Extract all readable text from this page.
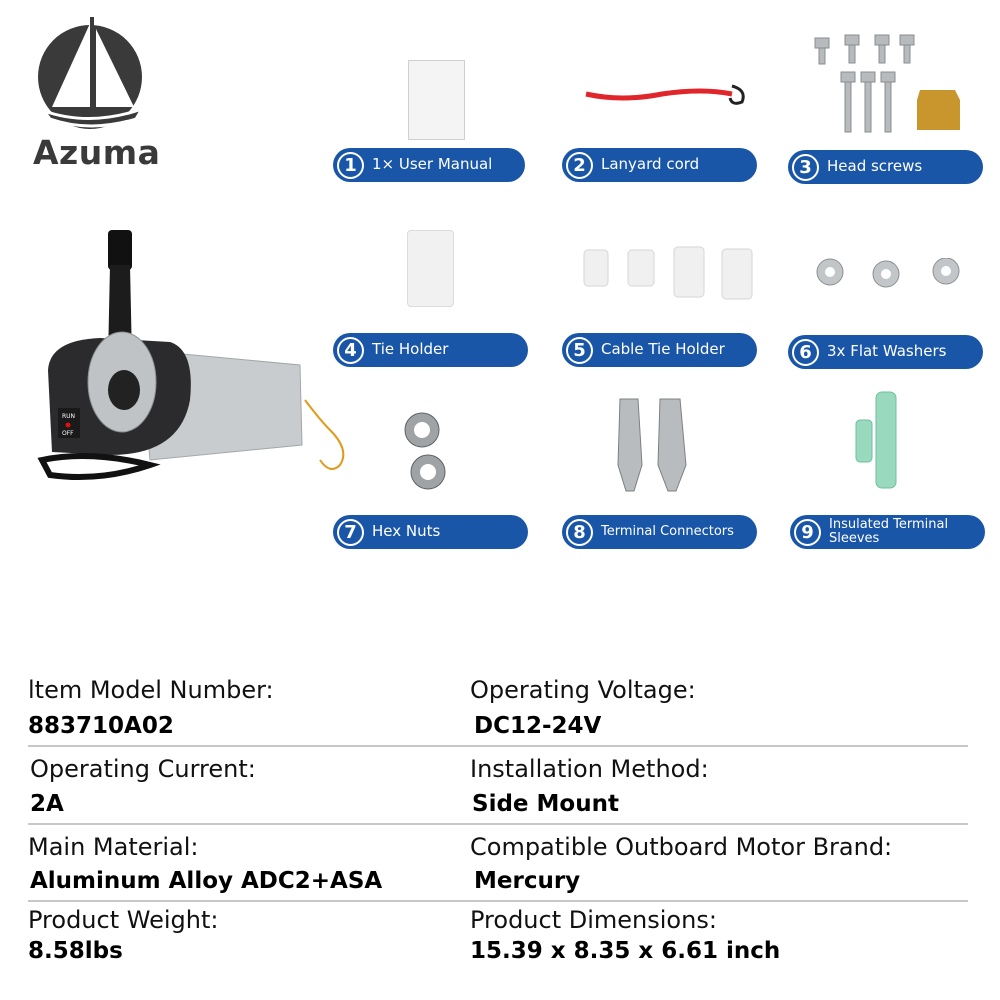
Azuma
RUN
OFF
1	1× User Manual	2	Lanyard cord	3	Head screws
4	Tie Holder	5	Cable Tie Holder	6	3x Flat Washers
7	Hex Nuts	8	Terminal Connectors	9	Insulated Terminal Sleeves
ltem Model Number:
883710A02
Operating Voltage:
DC12-24V
Operating Current:
2A
Installation Method:
Side Mount
Main Material:
Aluminum Alloy ADC2+ASA
Compatible Outboard Motor Brand:
Mercury
Product Weight:
8.58lbs
Product Dimensions:
15.39 x 8.35 x 6.61 inch
